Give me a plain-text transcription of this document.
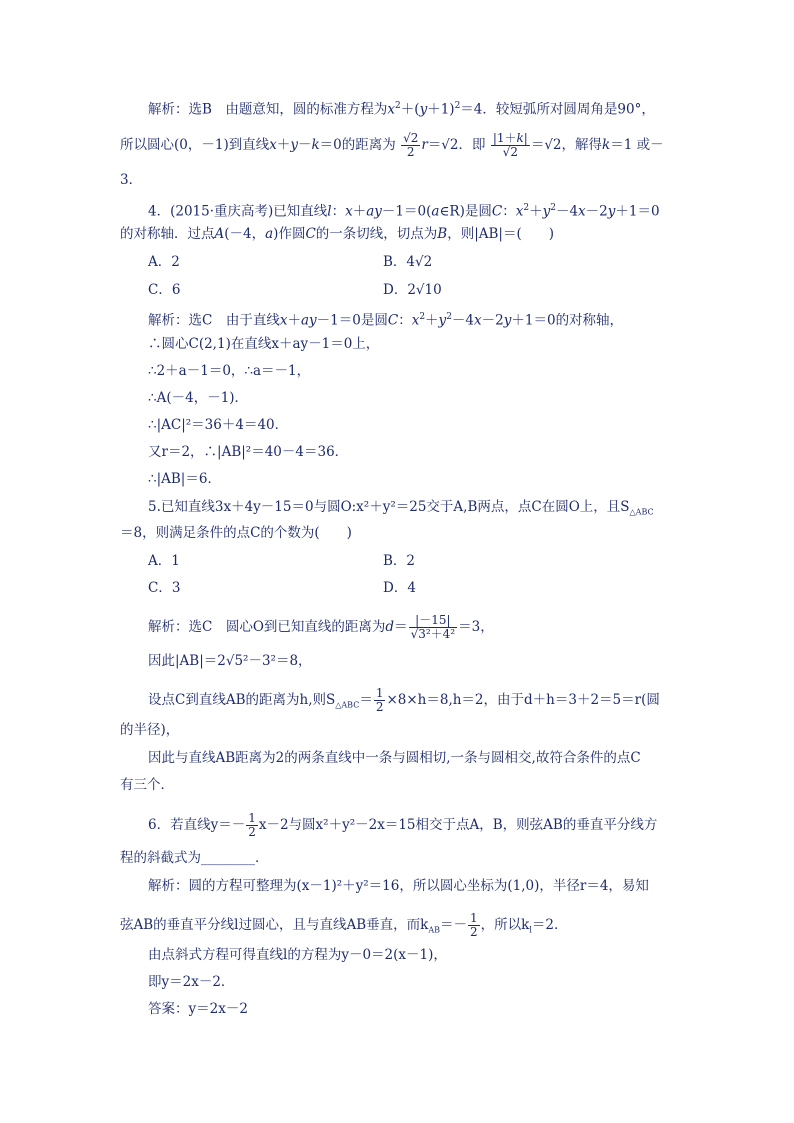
解析：选B　由题意知，圆的标准方程为$x^2+(y+1)^2=4$．较短弧所对圆周角是90°，
所以圆心(0，－1)到直线x＋y－k＝0的距离为 $\frac{√2}{2} r=√2$．即 $\frac{|1+k|}{√2} =√2$，解得k＝1 或－
3．
4．(2015·重庆高考)已知直线l：x＋ay－1＝0(a∈R)是圆C：$x^2+y^2-4x-2y+1=0$
的对称轴．过点A(－4，a)作圆C的一条切线，切点为B，则|AB|＝(　　)
A．2	B．4√2
C．6	D．2√10
解析：选C　由于直线x＋ay－1＝0是圆C：$x^2+y^2-4x-2y+1=0$的对称轴，
∴圆心C(2,1)在直线x＋ay－1＝0上，
∴2＋a－1＝0，∴a＝－1，
∴A(－4，－1)．
∴|AC|²＝36＋4＝40．
又r＝2，∴|AB|²＝40－4＝36．
∴|AB|＝6．
5.已知直线3x＋4y－15＝0与圆O:x²＋y²＝25交于A,B两点，点C在圆O上，且$S_{\triangle ABC}$
＝8，则满足条件的点C的个数为(　　)
A．1	B．2
C．3	D．4
解析：选C　圆心O到已知直线的距离为$d= \frac{|-15|}{\text{√3²＋4²}} =3$，
因此|AB|＝2√5²－3²＝8，
设点C到直线AB的距离为h,则$S_{\triangle ABC}= \frac{1}{2} \times 8\times h=8,h=2$，由于d＋h＝3＋2＝5＝r(圆
的半径)，
因此与直线AB距离为2的两条直线中一条与圆相切,一条与圆相交,故符合条件的点C
有三个．
6．若直线$y=- \frac{1}{2} x-2$与圆x²＋y²－2x＝15相交于点A，B，则弦AB的垂直平分线方
程的斜截式为________．
解析：圆的方程可整理为(x－1)²＋y²＝16，所以圆心坐标为(1,0)，半径r＝4，易知
弦AB的垂直平分线l过圆心，且与直线AB垂直，而$k_{AB}=- \frac{1}{2}$ ，所以$k_l=2$．
由点斜式方程可得直线l的方程为y－0＝2(x－1)，
即y＝2x－2．
答案：y＝2x－2
